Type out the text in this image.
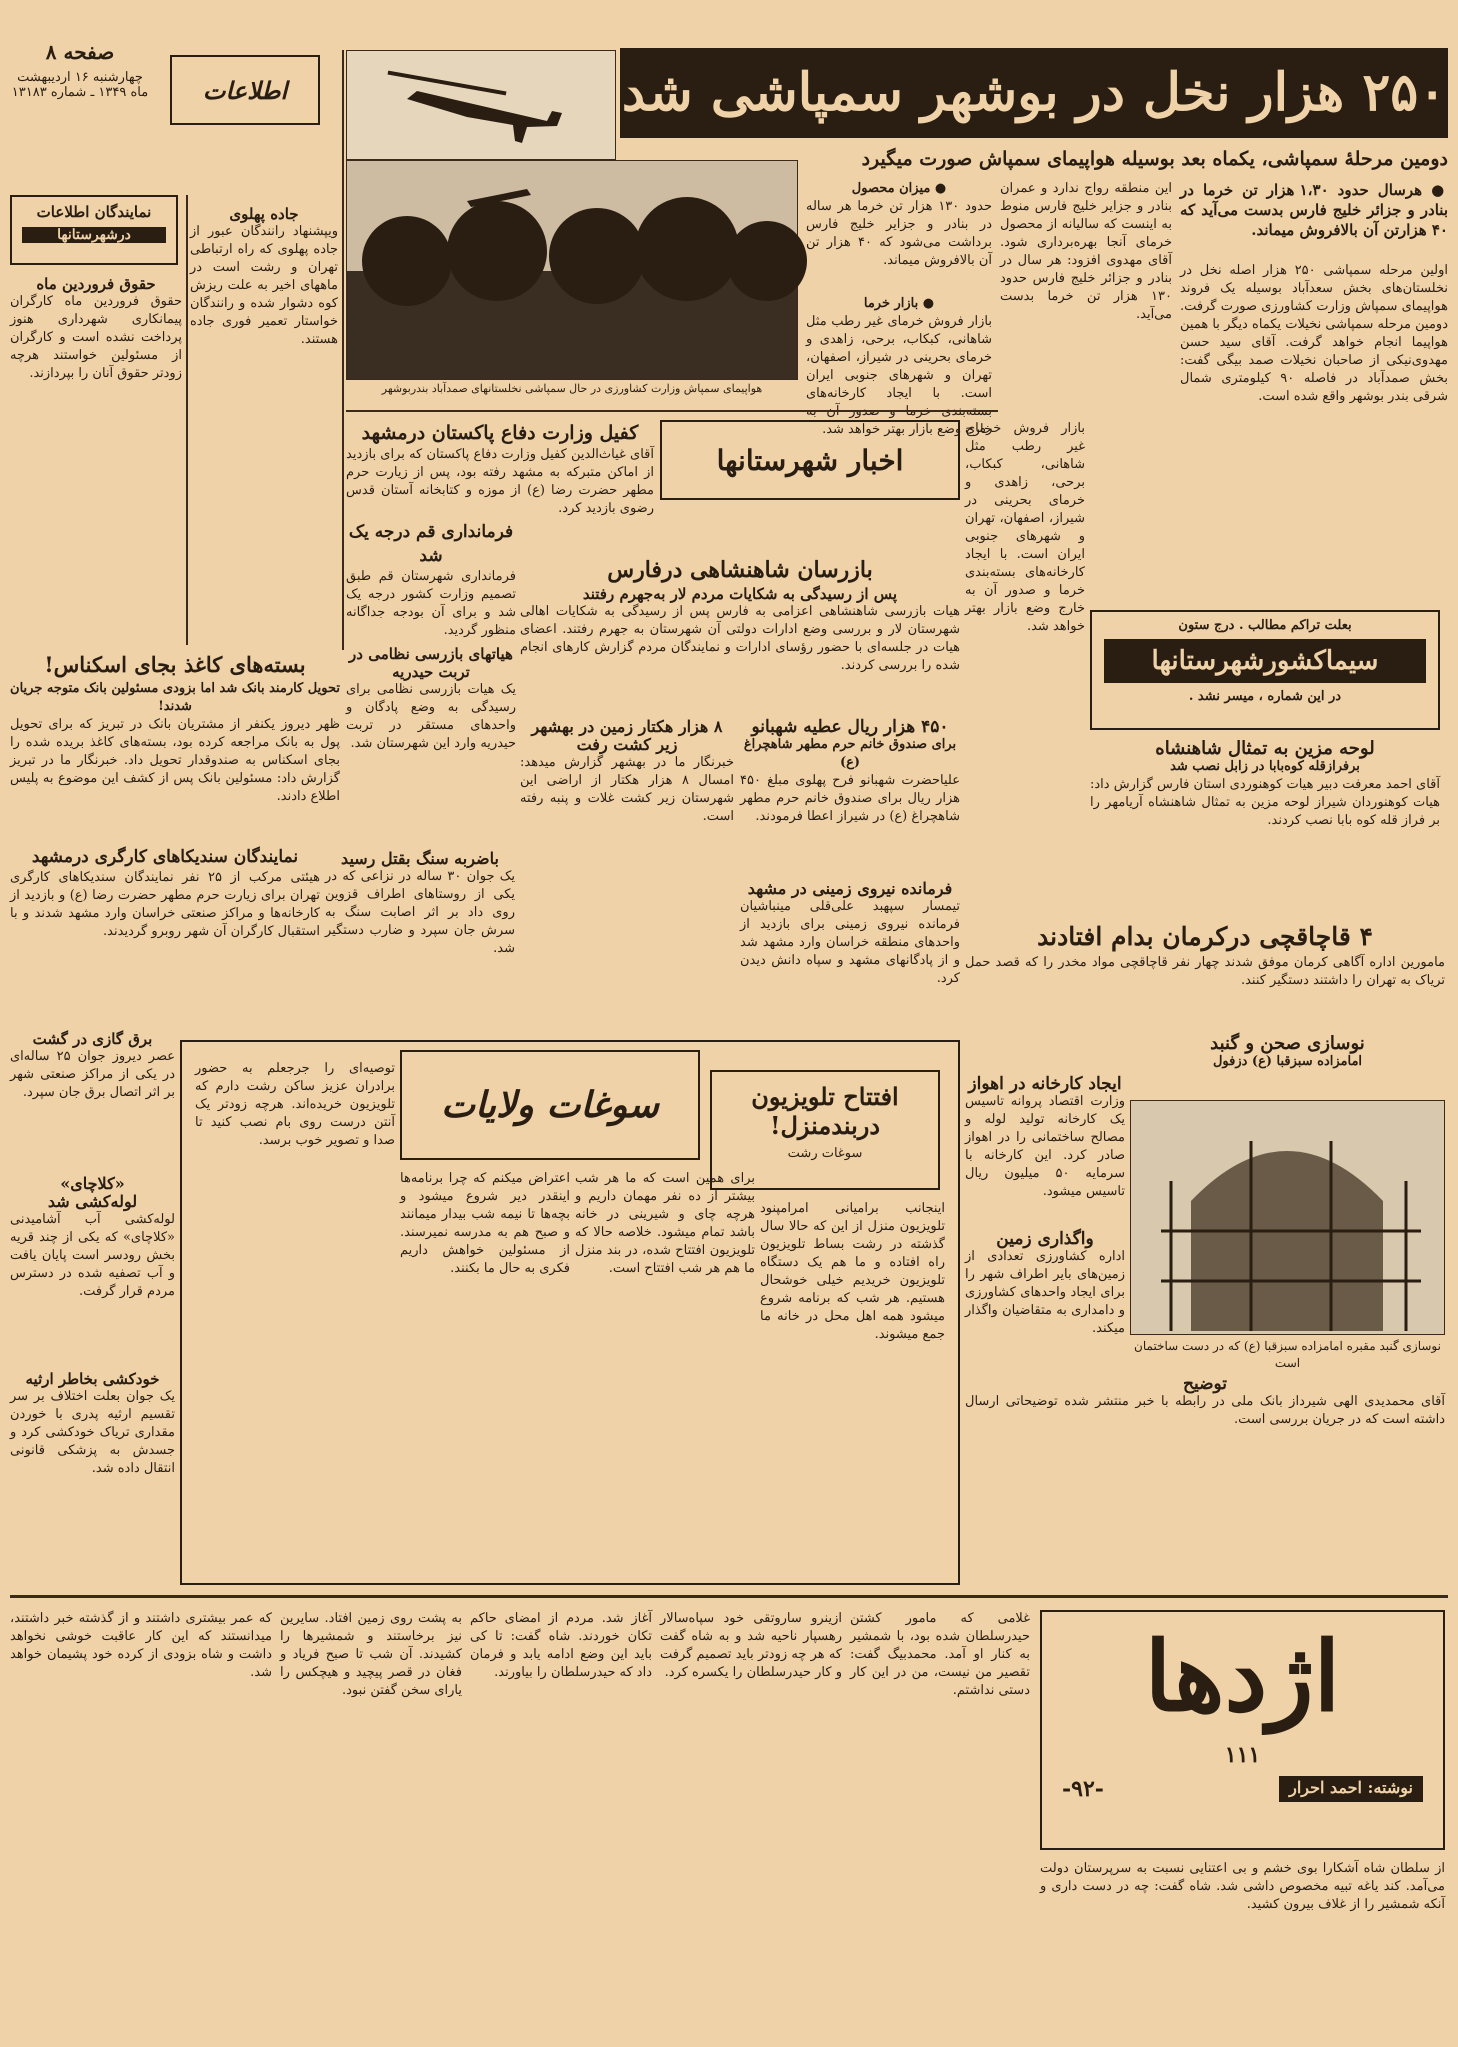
صفحه ۸
چهارشنبه ۱۶ اردیبهشت
ماه ۱۳۴۹ ـ شماره ۱۳۱۸۳ اطلاعات	۲۵۰ هزار نخل در بوشهر سمپاشی شد
دومین مرحلهٔ سمپاشی، یکماه بعد بوسیله هواپیمای سمپاش صورت میگیرد
هواپیمای سمپاش وزارت کشاورزی در حال سمپاشی نخلستانهای صمدآباد بندربوشهر
● هرسال حدود ۱،۳۰ هزار تن خرما در بنادر و جزائر خلیج فارس بدست می‌آید که ۴۰ هزارتن آن بالافروش میماند.
اولین مرحله سمپاشی ۲۵۰ هزار اصله نخل در نخلستان‌های بخش سعدآباد بوسیله یک فروند هواپیمای سمپاش وزارت کشاورزی صورت گرفت. دومین مرحله سمپاشی نخیلات یکماه دیگر با همین هواپیما انجام خواهد گرفت. آقای سید حسن مهدوی‌نیکی از صاحبان نخیلات صمد بیگی گفت: بخش صمدآباد در فاصله ۹۰ کیلومتری شمال شرقی بندر بوشهر واقع شده است.
این منطقه رواج ندارد و عمران بنادر و جزایر خلیج فارس منوط به اینست که سالیانه از محصول خرمای آنجا بهره‌برداری شود. آقای مهدوی افزود: هر سال در بنادر و جزائر خلیج فارس حدود ۱۳۰ هزار تن خرما بدست می‌آید.
● میزان محصول
حدود ۱۳۰ هزار تن خرما هر ساله در بنادر و جزایر خلیج فارس برداشت می‌شود که ۴۰ هزار تن آن بالافروش میماند.
● بازار خرما
بازار فروش خرمای غیر رطب مثل شاهانی، کبکاب، برحی، زاهدی و خرمای بحرینی در شیراز، اصفهان، تهران و شهرهای جنوبی ایران است. با ایجاد کارخانه‌های خارج وضع بازار بهتر خواهد شد.
نمایندگان اطلاعات
درشهرستانها
جاده پهلوی
ویپشنهاد رانندگان عبور از جاده پهلوی که راه ارتباطی تهران و رشت است در ماههای اخیر به علت ریزش کوه دشوار شده و رانندگان خواستار تعمیر فوری جاده هستند.
حقوق فروردین ماه
حقوق فروردین ماه کارگران پیمانکاری شهرداری هنوز پرداخت نشده است و کارگران از مسئولین خواستند هرچه زودتر حقوق آنان را بپردازند.
اخبار شهرستانها
کفیل وزارت دفاع پاکستان درمشهد
آقای غیاث‌الدین کفیل وزارت دفاع پاکستان که برای بازدید از اماکن متبرکه به مشهد رفته بود، پس از زیارت حرم مطهر حضرت رضا (ع) از موزه و کتابخانه آستان قدس رضوی بازدید کرد.
فرمانداری قم درجه یک شد
فرمانداری شهرستان قم طبق تصمیم وزارت کشور درجه یک شد و برای آن بودجه جداگانه منظور گردید.
بازرسان شاهنشاهی درفارس
پس از رسیدگی به شکایات مردم لار به‌جهرم رفتند
هیات بازرسی شاهنشاهی اعزامی به فارس پس از رسیدگی به شکایات اهالی شهرستان لار و بررسی وضع ادارات دولتی آن شهرستان به جهرم رفتند. اعضای هیات در جلسه‌ای با حضور رؤسای ادارات و نمایندگان مردم گزارش کارهای انجام شده را بررسی کردند.
هیاتهای بازرسی نظامی در تربت حیدریه
یک هیات بازرسی نظامی برای رسیدگی به وضع پادگان و واحدهای مستقر در تربت حیدریه وارد این شهرستان شد.
۴۵۰ هزار ریال عطیه شهبانو
برای صندوق خانم حرم مطهر شاهچراغ (ع)
علیاحضرت شهبانو فرح پهلوی مبلغ ۴۵۰ هزار ریال برای صندوق خانم حرم مطهر شاهچراغ (ع) در شیراز اعطا فرمودند.
۸ هزار هکتار زمین در بهشهر زیر کشت رفت
خبرنگار ما در بهشهر گزارش میدهد: امسال ۸ هزار هکتار از اراضی این شهرستان زیر کشت غلات و پنبه رفته است.
فرمانده نیروی زمینی در مشهد
تیمسار سپهبد علی‌قلی مینباشیان فرمانده نیروی زمینی برای بازدید از واحدهای منطقه خراسان وارد مشهد شد و از پادگانهای مشهد و سپاه دانش دیدن کرد.
بسته‌های کاغذ بجای اسکناس!
تحویل کارمند بانک شد اما بزودی مسئولین بانک متوجه جریان شدند!
ظهر دیروز یکنفر از مشتریان بانک در تبریز که برای تحویل پول به بانک مراجعه کرده بود، بسته‌های کاغذ بریده شده را بجای اسکناس به صندوقدار تحویل داد. خبرنگار ما در تبریز گزارش داد: مسئولین بانک پس از کشف این موضوع به پلیس اطلاع دادند.
نمایندگان سندیکاهای کارگری درمشهد
هیئتی مرکب از ۲۵ نفر نمایندگان سندیکاهای کارگری تهران برای زیارت حرم مطهر حضرت رضا (ع) و بازدید از کارخانه‌ها و مراکز صنعتی خراسان وارد مشهد شدند و با استقبال کارگران آن شهر روبرو گردیدند.
باضربه سنگ بقتل رسید
یک جوان ۳۰ ساله در نزاعی که در یکی از روستاهای اطراف قزوین روی داد بر اثر اصابت سنگ به سرش جان سپرد و ضارب دستگیر شد.
بعلت تراکم مطالب . درج ستون
سیماکشورشهرستانها
در این شماره ، میسر نشد .
لوحه مزین به تمثال شاهنشاه
برفرازقله کوه‌بابا در زابل نصب شد
آقای احمد معرفت دبیر هیات کوهنوردی استان فارس گزارش داد: هیات کوهنوردان شیراز لوحه مزین به تمثال شاهنشاه آریامهر را بر فراز قله کوه بابا نصب کردند.
بازار فروش خرمای غیر رطب مثل شاهانی، کبکاب، برحی، زاهدی و خرمای بحرینی در شیراز، اصفهان، تهران و شهرهای جنوبی ایران است. با ایجاد کارخانه‌های بسته‌بندی خرما و صدور آن به خارج وضع بازار بهتر خواهد شد.
۴ قاچاقچی درکرمان بدام افتادند
مامورین اداره آگاهی کرمان موفق شدند چهار نفر قاچاقچی مواد مخدر را که قصد حمل تریاک به تهران را داشتند دستگیر کنند.
نوسازی صحن و گنبد
امامزاده سبزقبا (ع) دزفول
نوسازی گنبد مقبره امامزاده سبزقبا (ع) که در دست ساختمان است
ایجاد کارخانه در اهواز
وزارت اقتصاد پروانه تاسیس یک کارخانه تولید لوله و مصالح ساختمانی را در اهواز صادر کرد. این کارخانه با سرمایه ۵۰ میلیون ریال تاسیس میشود.
واگذاری زمین
اداره کشاورزی تعدادی از زمین‌های بایر اطراف شهر را برای ایجاد واحدهای کشاورزی و دامداری به متقاضیان واگذار میکند.
توضیح
آقای محمدیدی الهی شیرداز بانک ملی در رابطه با خبر منتشر شده توضیحاتی ارسال داشته است که در جریان بررسی است.
سوغات ولایات	افتتاح تلویزیون
دربندمنزل!
سوغات رشت
توصیه‌ای را جرجعلم به حضور برادران عزیز ساکن رشت دارم که تلویزیون خریده‌اند. هرچه زودتر یک آنتن درست روی بام نصب کنید تا صدا و تصویر خوب برسد.
اعتراض میکنم که چرا برنامه‌ها اینقدر دیر شروع میشود و بچه‌ها تا نیمه شب بیدار میمانند و صبح هم به مدرسه نمیرسند. از مسئولین خواهش داریم فکری به حال ما بکنند.
برای همین است که ما هر شب بیشتر از ده نفر مهمان داریم و هرچه چای و شیرینی در خانه باشد تمام میشود. خلاصه حالا که تلویزیون افتتاح شده، در بند منزل ما هم هر شب افتتاح است.
اینجانب برامیانی امرامپنود تلویزیون منزل از این که حالا سال گذشته در رشت بساط تلویزیون راه افتاده و ما هم یک دستگاه تلویزیون خریدیم خیلی خوشحال هستیم. هر شب که برنامه شروع میشود همه اهل محل در خانه ما جمع میشوند.
برق گازی در گشت
عصر دیروز جوان ۲۵ ساله‌ای در یکی از مراکز صنعتی شهر بر اثر اتصال برق جان سپرد.
«کلاچای»
لوله‌کشی شد
لوله‌کشی آب آشامیدنی «کلاچای» که یکی از چند قریه بخش رودسر است پایان یافت و آب تصفیه شده در دسترس مردم قرار گرفت.
خودکشی بخاطر ارثیه
یک جوان بعلت اختلاف بر سر تقسیم ارثیه پدری با خوردن مقداری تریاک خودکشی کرد و جسدش به پزشکی قانونی انتقال داده شد.
اژدها
۱۱۱
نوشته: احمد احرار
-۹۲-
از سلطان شاه آشکارا بوی خشم و بی اعتنایی نسبت به سرپرستان دولت می‌آمد. کند یاغه تبیه مخصوص داشی شد. شاه گفت: چه در دست داری و آنکه شمشیر را از غلاف بیرون کشید.
غلامی که مامور کشتن حیدرسلطان شده بود، با شمشیر به کنار او آمد. محمدبیگ گفت: تقصیر من نیست، من در این کار دستی نداشتم.
ازینرو ساروتقی خود سپاه‌سالار رهسپار ناحیه شد و به شاه گفت که هر چه زودتر باید تصمیم گرفت و کار حیدرسلطان را یکسره کرد.
آغاز شد. مردم از امضای حاکم تکان خوردند. شاه گفت: تا کی باید این وضع ادامه یابد و فرمان داد که حیدرسلطان را بیاورند.
به پشت روی زمین افتاد. سایرین نیز برخاستند و شمشیرها را کشیدند. آن شب تا صبح فریاد و فغان در قصر پیچید و هیچکس را یارای سخن گفتن نبود.
که عمر بیشتری داشتند و از گذشته خبر داشتند، میدانستند که این کار عاقبت خوشی نخواهد داشت و شاه بزودی از کرده خود پشیمان خواهد شد.
